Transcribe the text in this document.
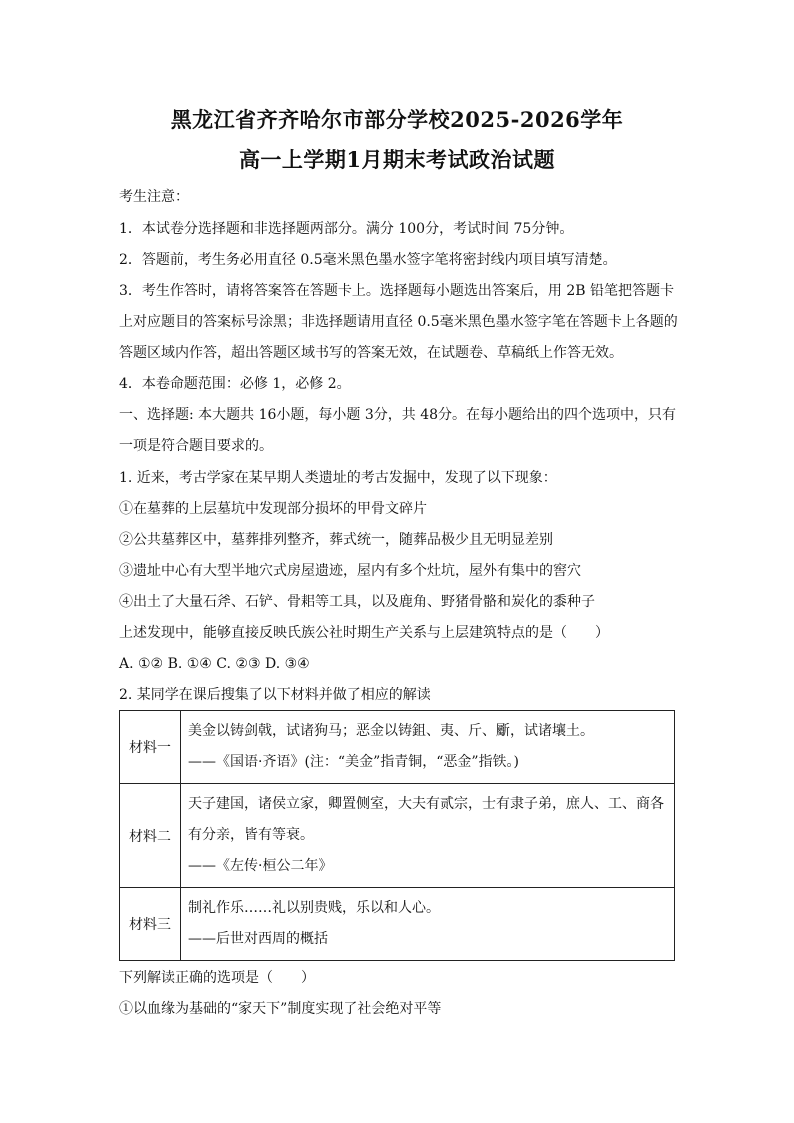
黑龙江省齐齐哈尔市部分学校2025-2026学年
高一上学期1月期末考试政治试题
考生注意：
1．本试卷分选择题和非选择题两部分。满分 100分，考试时间 75分钟。
2．答题前，考生务必用直径 0.5毫米黑色墨水签字笔将密封线内项目填写清楚。
3．考生作答时，请将答案答在答题卡上。选择题每小题选出答案后，用 2B 铅笔把答题卡
上对应题目的答案标号涂黑；非选择题请用直径 0.5毫米黑色墨水签字笔在答题卡上各题的
答题区域内作答，超出答题区域书写的答案无效，在试题卷、草稿纸上作答无效。
4．本卷命题范围：必修 1，必修 2。
一、选择题: 本大题共 16小题，每小题 3分，共 48分。在每小题给出的四个选项中，只有
一项是符合题目要求的。
1. 近来，考古学家在某早期人类遗址的考古发掘中，发现了以下现象：
①在墓葬的上层墓坑中发现部分损坏的甲骨文碎片
②公共墓葬区中，墓葬排列整齐，葬式统一，随葬品极少且无明显差别
③遗址中心有大型半地穴式房屋遗迹，屋内有多个灶坑，屋外有集中的窖穴
④出土了大量石斧、石铲、骨耜等工具，以及鹿角、野猪骨骼和炭化的黍种子
上述发现中，能够直接反映氏族公社时期生产关系与上层建筑特点的是（　　）
A. ①② B. ①④ C. ②③ D. ③④
2. 某同学在课后搜集了以下材料并做了相应的解读
材料一	美金以铸剑戟，试诸狗马；恶金以铸鉏、夷、斤、斸，试诸壤土。
——《国语·齐语》(注：“美金”指青铜，“恶金”指铁。)

材料二	天子建国，诸侯立家，卿置侧室，大夫有贰宗，士有隶子弟，庶人、工、商各
有分亲，皆有等衰。
——《左传·桓公二年》

材料三	制礼作乐……礼以别贵贱，乐以和人心。
——后世对西周的概括
下列解读正确的选项是（　　）
①以血缘为基础的“家天下”制度实现了社会绝对平等
